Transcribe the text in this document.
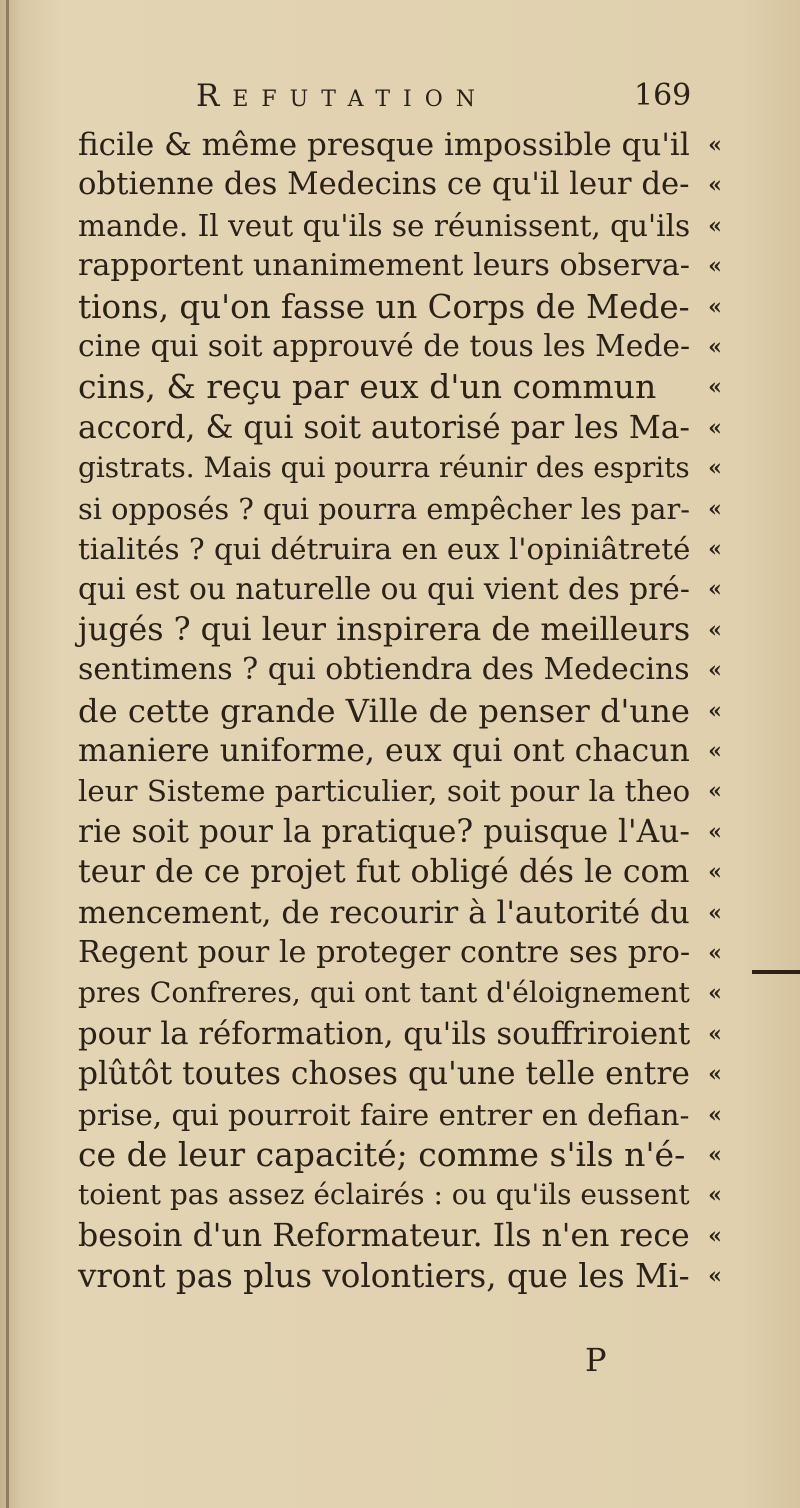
Refutation	169
ficile & même presque impossible qu'il «
obtienne des Medecins ce qu'il leur de- «
mande. Il veut qu'ils se réunissent, qu'ils «
rapportent unanimement leurs observa- «
tions, qu'on fasse un Corps de Mede- «
cine qui soit approuvé de tous les Mede- «
cins, & reçu par eux d'un commun	«
accord, & qui soit autorisé par les Ma- «
gistrats. Mais qui pourra réunir des esprits «
si opposés ? qui pourra empêcher les par- «
tialités ? qui détruira en eux l'opiniâtreté «
qui est ou naturelle ou qui vient des pré- «
jugés ? qui leur inspirera de meilleurs «
sentimens ? qui obtiendra des Medecins «
de cette grande Ville de penser d'une «
maniere uniforme, eux qui ont chacun «
leur Sisteme particulier, soit pour la theo «
rie soit pour la pratique? puisque l'Au- «
teur de ce projet fut obligé dés le com «
mencement, de recourir à l'autorité du «
Regent pour le proteger contre ses pro- «
pres Confreres, qui ont tant d'éloignement «
pour la réformation, qu'ils souffriroient «
plûtôt toutes choses qu'une telle entre «
prise, qui pourroit faire entrer en defian- «
ce de leur capacité; comme s'ils n'é-	«
toient pas assez éclairés : ou qu'ils eussent «
besoin d'un Reformateur. Ils n'en rece «
vront pas plus volontiers, que les Mi- «
P
